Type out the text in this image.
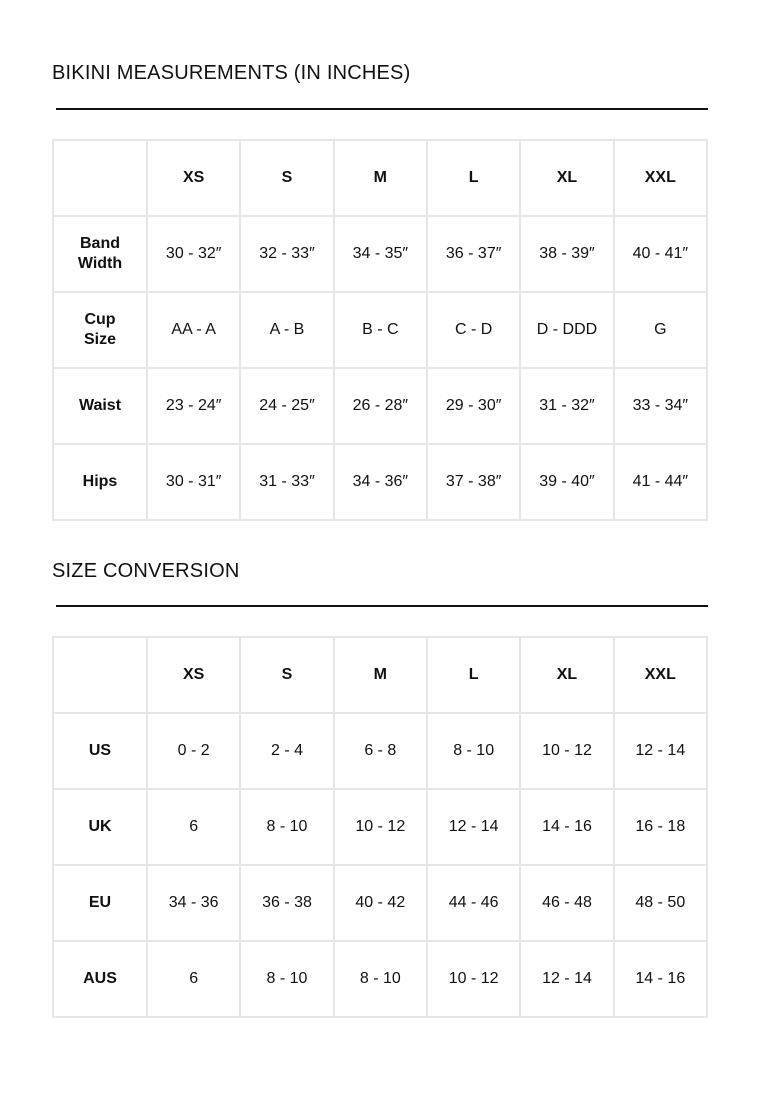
BIKINI MEASUREMENTS (IN INCHES)
	XS	S	M	L	XL	XXL

Band
Width	30 - 32″	32 - 33″	34 - 35″	36 - 37″	38 - 39″	40 - 41″

Cup
Size	AA - A	A - B	B - C	C - D	D - DDD	G

Waist	23 - 24″	24 - 25″	26 - 28″	29 - 30″	31 - 32″	33 - 34″

Hips	30 - 31″	31 - 33″	34 - 36″	37 - 38″	39 - 40″	41 - 44″
SIZE CONVERSION
	XS	S	M	L	XL	XXL
US	0 - 2	2 - 4	6 - 8	8 - 10	10 - 12	12 - 14
UK	6	8 - 10	10 - 12	12 - 14	14 - 16	16 - 18
EU	34 - 36	36 - 38	40 - 42	44 - 46	46 - 48	48 - 50
AUS	6	8 - 10	8 - 10	10 - 12	12 - 14	14 - 16
